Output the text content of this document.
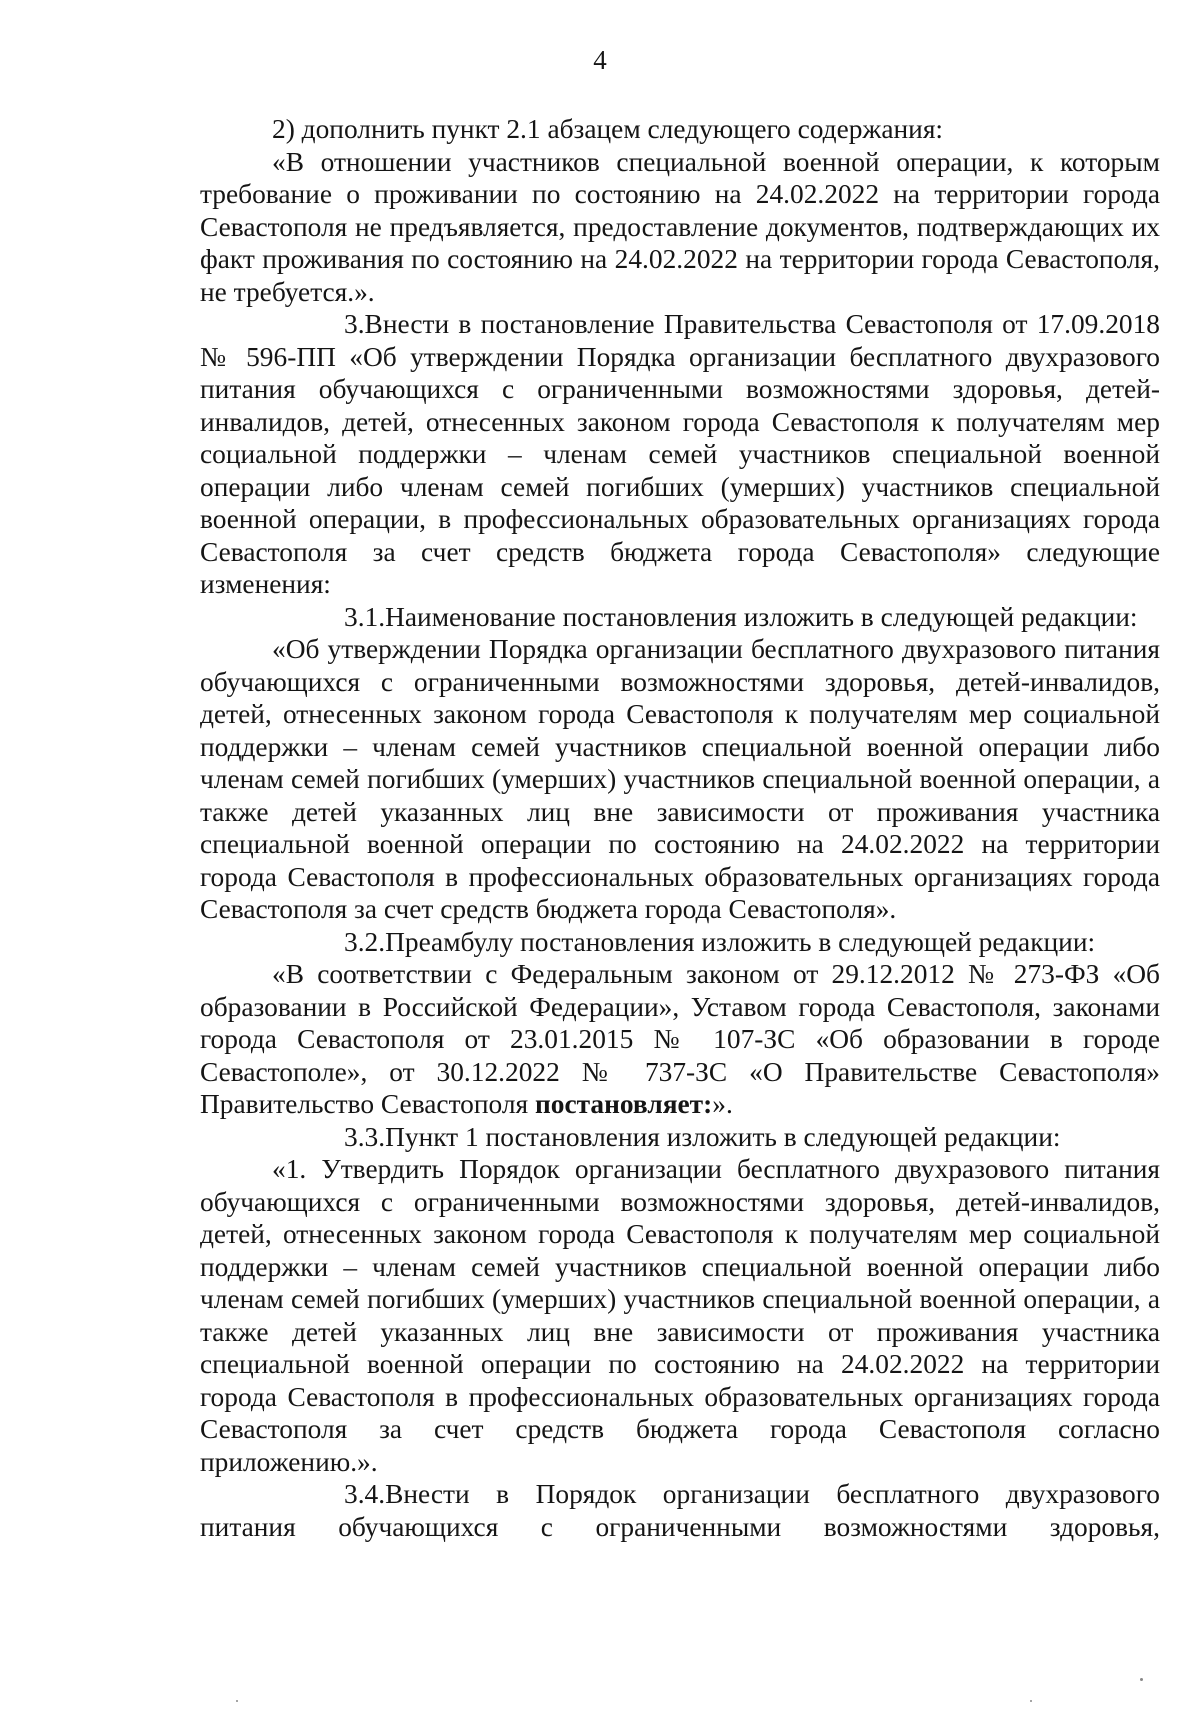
4

2) дополнить пункт 2.1 абзацем следующего содержания:

«В отношении участников специальной военной операции, к которым требование о проживании по состоянию на 24.02.2022 на территории города Севастополя не предъявляется, предоставление документов, подтверждающих их факт проживания по состоянию на 24.02.2022 на территории города Севастополя, не требуется.».

3.Внести в постановление Правительства Севастополя от 17.09.2018 № 596-ПП «Об утверждении Порядка организации бесплатного двухразового питания обучающихся с ограниченными возможностями здоровья, детей-инвалидов, детей, отнесенных законом города Севастополя к получателям мер социальной поддержки – членам семей участников специальной военной операции либо членам семей погибших (умерших) участников специальной военной операции, в профессиональных образовательных организациях города Севастополя за счет средств бюджета города Севастополя» следующие изменения:

3.1.Наименование постановления изложить в следующей редакции:

«Об утверждении Порядка организации бесплатного двухразового питания обучающихся с ограниченными возможностями здоровья, детей-инвалидов, детей, отнесенных законом города Севастополя к получателям мер социальной поддержки – членам семей участников специальной военной операции либо членам семей погибших (умерших) участников специальной военной операции, а также детей указанных лиц вне зависимости от проживания участника специальной военной операции по состоянию на 24.02.2022 на территории города Севастополя в профессиональных образовательных организациях города Севастополя за счет средств бюджета города Севастополя».

3.2.Преамбулу постановления изложить в следующей редакции:

«В соответствии с Федеральным законом от 29.12.2012 № 273-ФЗ «Об образовании в Российской Федерации», Уставом города Севастополя, законами города Севастополя от 23.01.2015 № 107-ЗС «Об образовании в городе Севастополе», от 30.12.2022 № 737-ЗС «О Правительстве Севастополя» Правительство Севастополя постановляет:».

3.3.Пункт 1 постановления изложить в следующей редакции:

«1. Утвердить Порядок организации бесплатного двухразового питания обучающихся с ограниченными возможностями здоровья, детей-инвалидов, детей, отнесенных законом города Севастополя к получателям мер социальной поддержки – членам семей участников специальной военной операции либо членам семей погибших (умерших) участников специальной военной операции, а также детей указанных лиц вне зависимости от проживания участника специальной военной операции по состоянию на 24.02.2022 на территории города Севастополя в профессиональных образовательных организациях города Севастополя за счет средств бюджета города Севастополя согласно приложению.».

3.4.Внести в Порядок организации бесплатного двухразового питания обучающихся с ограниченными возможностями здоровья,
